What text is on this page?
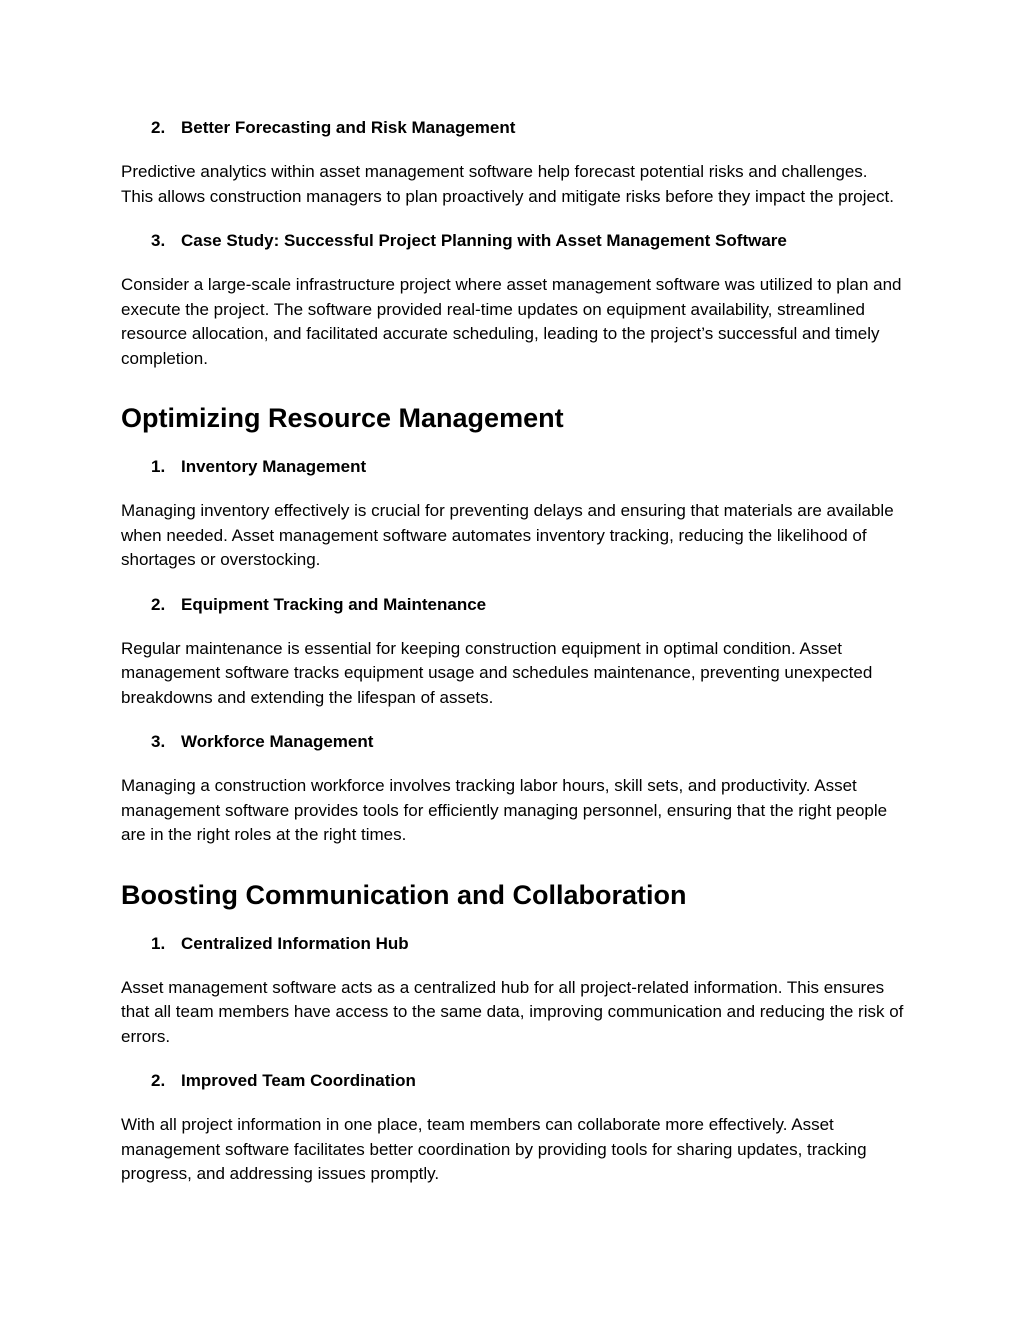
2. Better Forecasting and Risk Management

Predictive analytics within asset management software help forecast potential risks and challenges. This allows construction managers to plan proactively and mitigate risks before they impact the project.

3. Case Study: Successful Project Planning with Asset Management Software

Consider a large-scale infrastructure project where asset management software was utilized to plan and execute the project. The software provided real-time updates on equipment availability, streamlined resource allocation, and facilitated accurate scheduling, leading to the project’s successful and timely completion.

Optimizing Resource Management
1. Inventory Management

Managing inventory effectively is crucial for preventing delays and ensuring that materials are available when needed. Asset management software automates inventory tracking, reducing the likelihood of shortages or overstocking.

2. Equipment Tracking and Maintenance

Regular maintenance is essential for keeping construction equipment in optimal condition. Asset management software tracks equipment usage and schedules maintenance, preventing unexpected breakdowns and extending the lifespan of assets.

3. Workforce Management

Managing a construction workforce involves tracking labor hours, skill sets, and productivity. Asset management software provides tools for efficiently managing personnel, ensuring that the right people are in the right roles at the right times.

Boosting Communication and Collaboration
1. Centralized Information Hub

Asset management software acts as a centralized hub for all project-related information. This ensures that all team members have access to the same data, improving communication and reducing the risk of errors.

2. Improved Team Coordination

With all project information in one place, team members can collaborate more effectively. Asset management software facilitates better coordination by providing tools for sharing updates, tracking progress, and addressing issues promptly.
